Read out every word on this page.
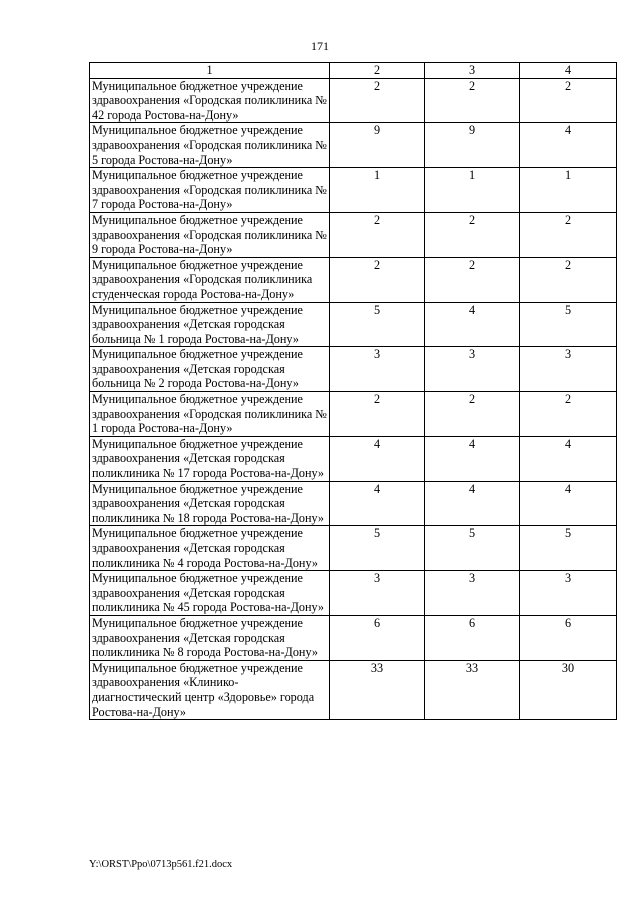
171
1	2	3	4
Муниципальное бюджетное учреждение здравоохранения «Городская поликлиника № 42 города Ростова-на-Дону»	2	2	2
Муниципальное бюджетное учреждение здравоохранения «Городская поликлиника № 5 города Ростова-на-Дону»	9	9	4
Муниципальное бюджетное учреждение здравоохранения «Городская поликлиника № 7 города Ростова-на-Дону»	1	1	1
Муниципальное бюджетное учреждение здравоохранения «Городская поликлиника № 9 города Ростова-на-Дону»	2	2	2
Муниципальное бюджетное учреждение здравоохранения «Городская поликлиника студенческая города Ростова-на-Дону»	2	2	2
Муниципальное бюджетное учреждение здравоохранения «Детская городская больница № 1 города Ростова-на-Дону»	5	4	5
Муниципальное бюджетное учреждение здравоохранения «Детская городская больница № 2 города Ростова-на-Дону»	3	3	3
Муниципальное бюджетное учреждение здравоохранения «Городская поликлиника № 1 города Ростова-на-Дону»	2	2	2
Муниципальное бюджетное учреждение здравоохранения «Детская городская поликлиника № 17 города Ростова-на-Дону»	4	4	4
Муниципальное бюджетное учреждение здравоохранения «Детская городская поликлиника № 18 города Ростова-на-Дону»	4	4	4
Муниципальное бюджетное учреждение здравоохранения «Детская городская поликлиника № 4 города Ростова-на-Дону»	5	5	5
Муниципальное бюджетное учреждение здравоохранения «Детская городская поликлиника № 45 города Ростова-на-Дону»	3	3	3
Муниципальное бюджетное учреждение здравоохранения «Детская городская поликлиника № 8 города Ростова-на-Дону»	6	6	6
Муниципальное бюджетное учреждение здравоохранения «Клинико-диагностический центр «Здоровье» города Ростова-на-Дону»	33	33	30
Y:\ORST\Ppo\0713p561.f21.docx
